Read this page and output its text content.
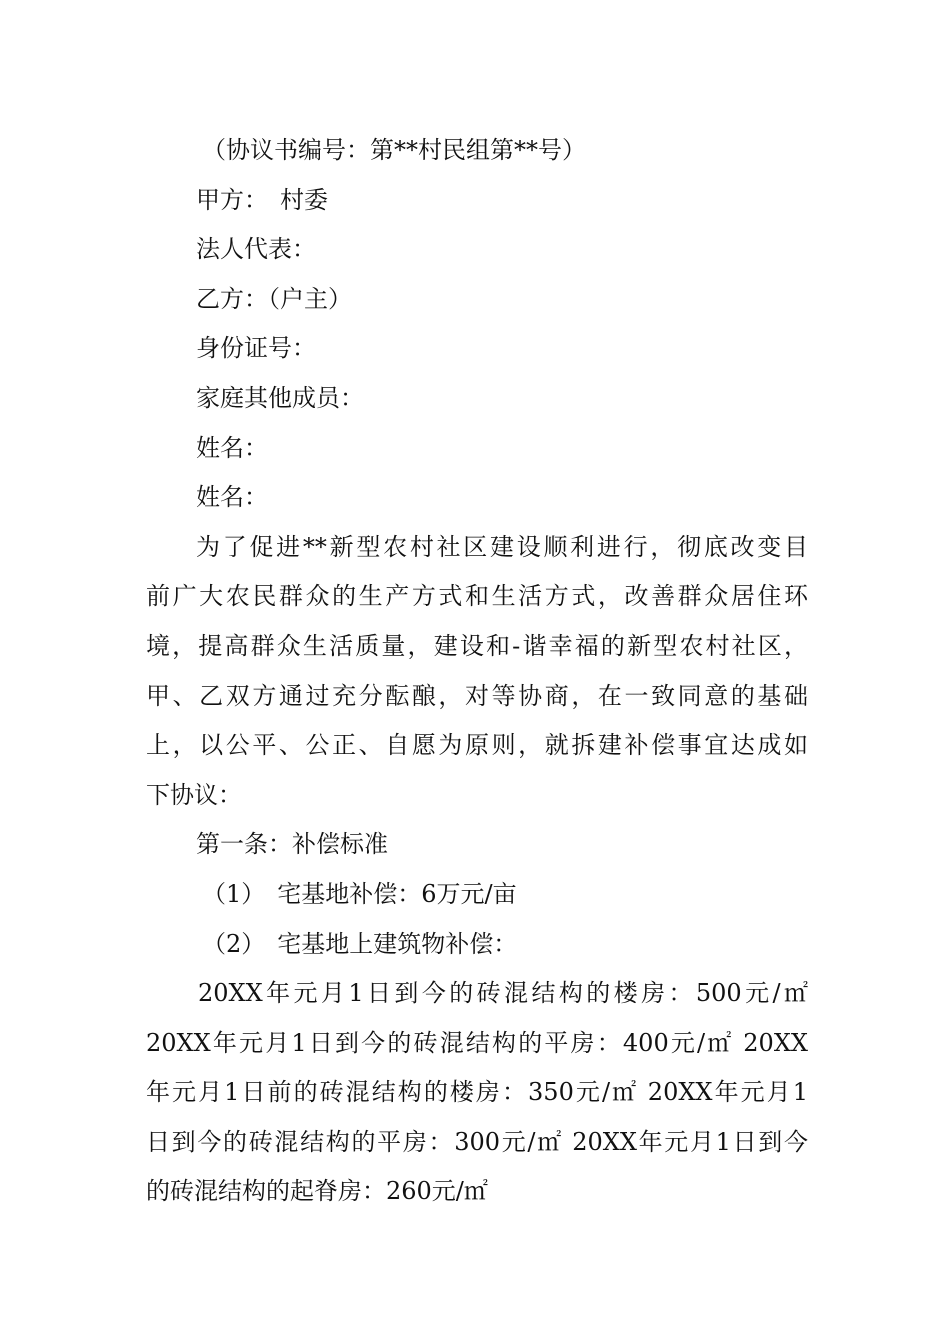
（协议书编号：第**村民组第**号）

甲方：　村委

法人代表：

乙方：（户主）

身份证号：

家庭其他成员：

姓名：

姓名：

为了促进**新型农村社区建设顺利进行，彻底改变目
前广大农民群众的生产方式和生活方式，改善群众居住环
境，提高群众生活质量，建设和-谐幸福的新型农村社区，
甲、乙双方通过充分酝酿，对等协商，在一致同意的基础
上，以公平、公正、自愿为原则，就拆建补偿事宜达成如
下协议：

第一条：补偿标准

（1）　宅基地补偿：6万元/亩

（2）　宅基地上建筑物补偿：

20XX年元月1日到今的砖混结构的楼房：500元/㎡
20XX年元月1日到今的砖混结构的平房：400元/㎡ 20XX
年元月1日前的砖混结构的楼房：350元/㎡ 20XX年元月1
日到今的砖混结构的平房：300元/㎡ 20XX年元月1日到今
的砖混结构的起脊房：260元/㎡
